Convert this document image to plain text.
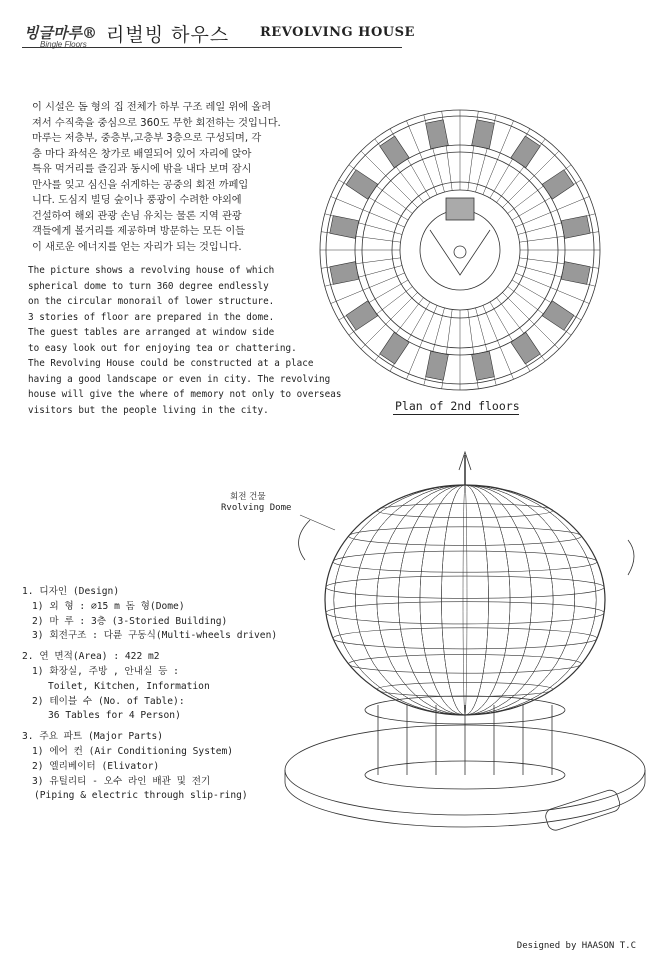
빙글마루®
Bingle Floors 리벌빙 하우스 REVOLVING HOUSE
이 시설은 돔 형의 집 전체가 하부 구조 레일 위에 올려
져서 수직축을 중심으로 360도 무한 회전하는 것입니다.
마루는 저층부, 중층부,고층부 3층으로 구성되며, 각
층 마다 좌석은 창가로 배열되어 있어 자리에 앉아
특유 먹거리를 즐김과 동시에 밖을 내다 보며 잠시
만사를 잊고 심신을 쉬게하는 공중의 회전 까페입
니다. 도심지 빌딩 숲이나 풍광이 수려한 야외에
건설하여 해외 관광 손님 유치는 물론 지역 관광
객들에게 볼거리를 제공하며 방문하는 모든 이들
이 새로운 에너지를 얻는 자리가 되는 것입니다.
The picture shows a revolving house of which
spherical dome to turn 360 degree endlessly
on the circular monorail of lower structure.
3 stories of floor are prepared in the dome.
The guest tables are arranged at window side
to easy look out for enjoying tea or chattering.
The Revolving House could be constructed at a place
having a good landscape or even in city. The revolving
house will give the where of memory not only to overseas
visitors but the people living in the city.	Plan of 2nd floors
회전 건물
Rvolving Dome
1. 디자인 (Design)
1) 외 형 : ⌀15 m 돔 형(Dome)
2) 마 루 : 3층 (3-Storied Building)
3) 회전구조 : 다륜 구동식(Multi-wheels driven)
2. 연 면적(Area) : 422 m2
1) 화장실, 주방 , 안내실 등 :
Toilet, Kitchen, Information
2) 테이블 수 (No. of Table):
36 Tables for 4 Person)
3. 주요 파트 (Major Parts)
1) 에어 컨 (Air Conditioning System)
2) 엘리베이터 (Elivator)
3) 유틸리티 - 오수 라인 배관 및 전기
(Piping & electric through slip-ring)
Designed by HAASON T.C
